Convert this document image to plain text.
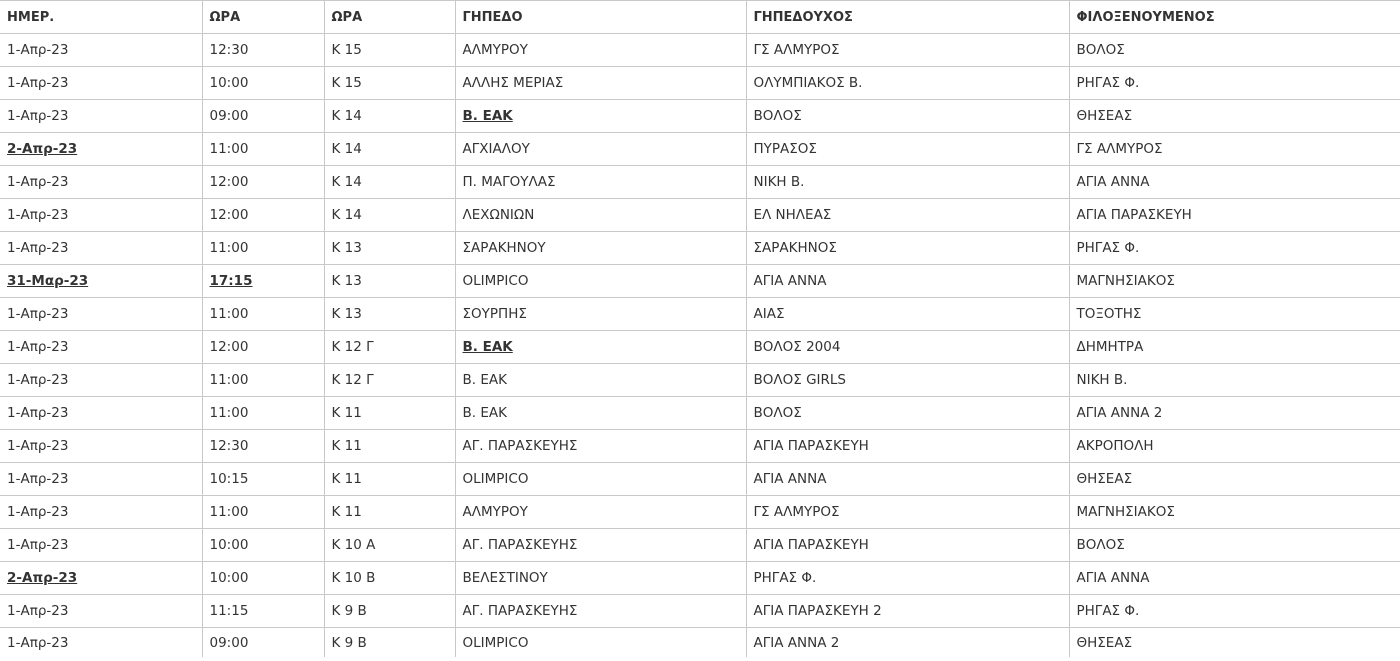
ΗΜΕΡ.	ΩΡΑ	ΩΡΑ	ΓΗΠΕΔΟ	ΓΗΠΕΔΟΥΧΟΣ	ΦΙΛΟΞΕΝΟΥΜΕΝΟΣ
1-Απρ-23	12:30	Κ 15	ΑΛΜΥΡΟΥ	ΓΣ ΑΛΜΥΡΟΣ	ΒΟΛΟΣ
1-Απρ-23	10:00	Κ 15	ΑΛΛΗΣ ΜΕΡΙΑΣ	ΟΛΥΜΠΙΑΚΟΣ Β.	ΡΗΓΑΣ Φ.
1-Απρ-23	09:00	Κ 14	Β. ΕΑΚ	ΒΟΛΟΣ	ΘΗΣΕΑΣ
2-Απρ-23	11:00	Κ 14	ΑΓΧΙΑΛΟΥ	ΠΥΡΑΣΟΣ	ΓΣ ΑΛΜΥΡΟΣ
1-Απρ-23	12:00	Κ 14	Π. ΜΑΓΟΥΛΑΣ	ΝΙΚΗ Β.	ΑΓΙΑ ΑΝΝΑ
1-Απρ-23	12:00	Κ 14	ΛΕΧΩΝΙΩΝ	ΕΛ ΝΗΛΕΑΣ	ΑΓΙΑ ΠΑΡΑΣΚΕΥΗ
1-Απρ-23	11:00	Κ 13	ΣΑΡΑΚΗΝΟΥ	ΣΑΡΑΚΗΝΟΣ	ΡΗΓΑΣ Φ.
31-Μαρ-23	17:15	Κ 13	OLIMPICO	ΑΓΙΑ ΑΝΝΑ	ΜΑΓΝΗΣΙΑΚΟΣ
1-Απρ-23	11:00	Κ 13	ΣΟΥΡΠΗΣ	ΑΙΑΣ	ΤΟΞΟΤΗΣ
1-Απρ-23	12:00	Κ 12 Γ	Β. ΕΑΚ	ΒΟΛΟΣ 2004	ΔΗΜΗΤΡΑ
1-Απρ-23	11:00	Κ 12 Γ	Β. ΕΑΚ	ΒΟΛΟΣ GIRLS	ΝΙΚΗ Β.
1-Απρ-23	11:00	Κ 11	Β. ΕΑΚ	ΒΟΛΟΣ	ΑΓΙΑ ΑΝΝΑ 2
1-Απρ-23	12:30	Κ 11	ΑΓ. ΠΑΡΑΣΚΕΥΗΣ	ΑΓΙΑ ΠΑΡΑΣΚΕΥΗ	ΑΚΡΟΠΟΛΗ
1-Απρ-23	10:15	Κ 11	OLIMPICO	ΑΓΙΑ ΑΝΝΑ	ΘΗΣΕΑΣ
1-Απρ-23	11:00	Κ 11	ΑΛΜΥΡΟΥ	ΓΣ ΑΛΜΥΡΟΣ	ΜΑΓΝΗΣΙΑΚΟΣ
1-Απρ-23	10:00	Κ 10 Α	ΑΓ. ΠΑΡΑΣΚΕΥΗΣ	ΑΓΙΑ ΠΑΡΑΣΚΕΥΗ	ΒΟΛΟΣ
2-Απρ-23	10:00	Κ 10 Β	ΒΕΛΕΣΤΙΝΟΥ	ΡΗΓΑΣ Φ.	ΑΓΙΑ ΑΝΝΑ
1-Απρ-23	11:15	Κ 9 Β	ΑΓ. ΠΑΡΑΣΚΕΥΗΣ	ΑΓΙΑ ΠΑΡΑΣΚΕΥΗ 2	ΡΗΓΑΣ Φ.
1-Απρ-23	09:00	Κ 9 Β	OLIMPICO	ΑΓΙΑ ΑΝΝΑ 2	ΘΗΣΕΑΣ
